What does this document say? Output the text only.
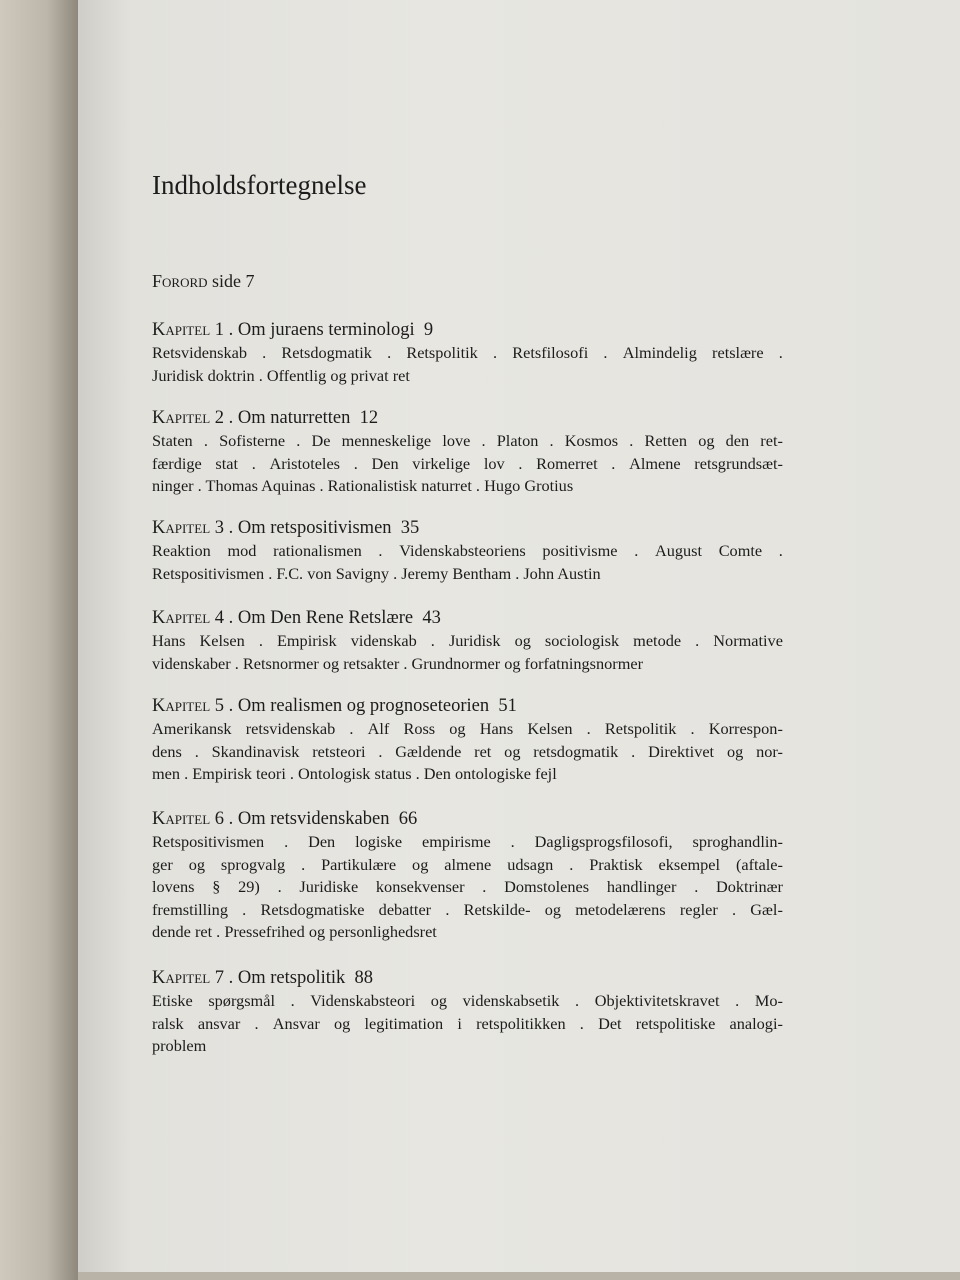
Indholdsfortegnelse
Forord side 7
Kapitel 1 . Om juraens terminologi 9
Retsvidenskab . Retsdogmatik . Retspolitik . Retsfilosofi . Almindelig retslære .
Juridisk doktrin . Offentlig og privat ret
Kapitel 2 . Om naturretten 12
Staten . Sofisterne . De menneskelige love . Platon . Kosmos . Retten og den ret-
færdige stat . Aristoteles . Den virkelige lov . Romerret . Almene retsgrundsæt-
ninger . Thomas Aquinas . Rationalistisk naturret . Hugo Grotius
Kapitel 3 . Om retspositivismen 35
Reaktion mod rationalismen . Videnskabsteoriens positivisme . August Comte .
Retspositivismen . F.C. von Savigny . Jeremy Bentham . John Austin
Kapitel 4 . Om Den Rene Retslære 43
Hans Kelsen . Empirisk videnskab . Juridisk og sociologisk metode . Normative
videnskaber . Retsnormer og retsakter . Grundnormer og forfatningsnormer
Kapitel 5 . Om realismen og prognoseteorien 51
Amerikansk retsvidenskab . Alf Ross og Hans Kelsen . Retspolitik . Korrespon-
dens . Skandinavisk retsteori . Gældende ret og retsdogmatik . Direktivet og nor-
men . Empirisk teori . Ontologisk status . Den ontologiske fejl
Kapitel 6 . Om retsvidenskaben 66
Retspositivismen . Den logiske empirisme . Dagligsprogsfilosofi, sproghandlin-
ger og sprogvalg . Partikulære og almene udsagn . Praktisk eksempel (aftale-
lovens § 29) . Juridiske konsekvenser . Domstolenes handlinger . Doktrinær
fremstilling . Retsdogmatiske debatter . Retskilde- og metodelærens regler . Gæl-
dende ret . Pressefrihed og personlighedsret
Kapitel 7 . Om retspolitik 88
Etiske spørgsmål . Videnskabsteori og videnskabsetik . Objektivitetskravet . Mo-
ralsk ansvar . Ansvar og legitimation i retspolitikken . Det retspolitiske analogi-
problem
